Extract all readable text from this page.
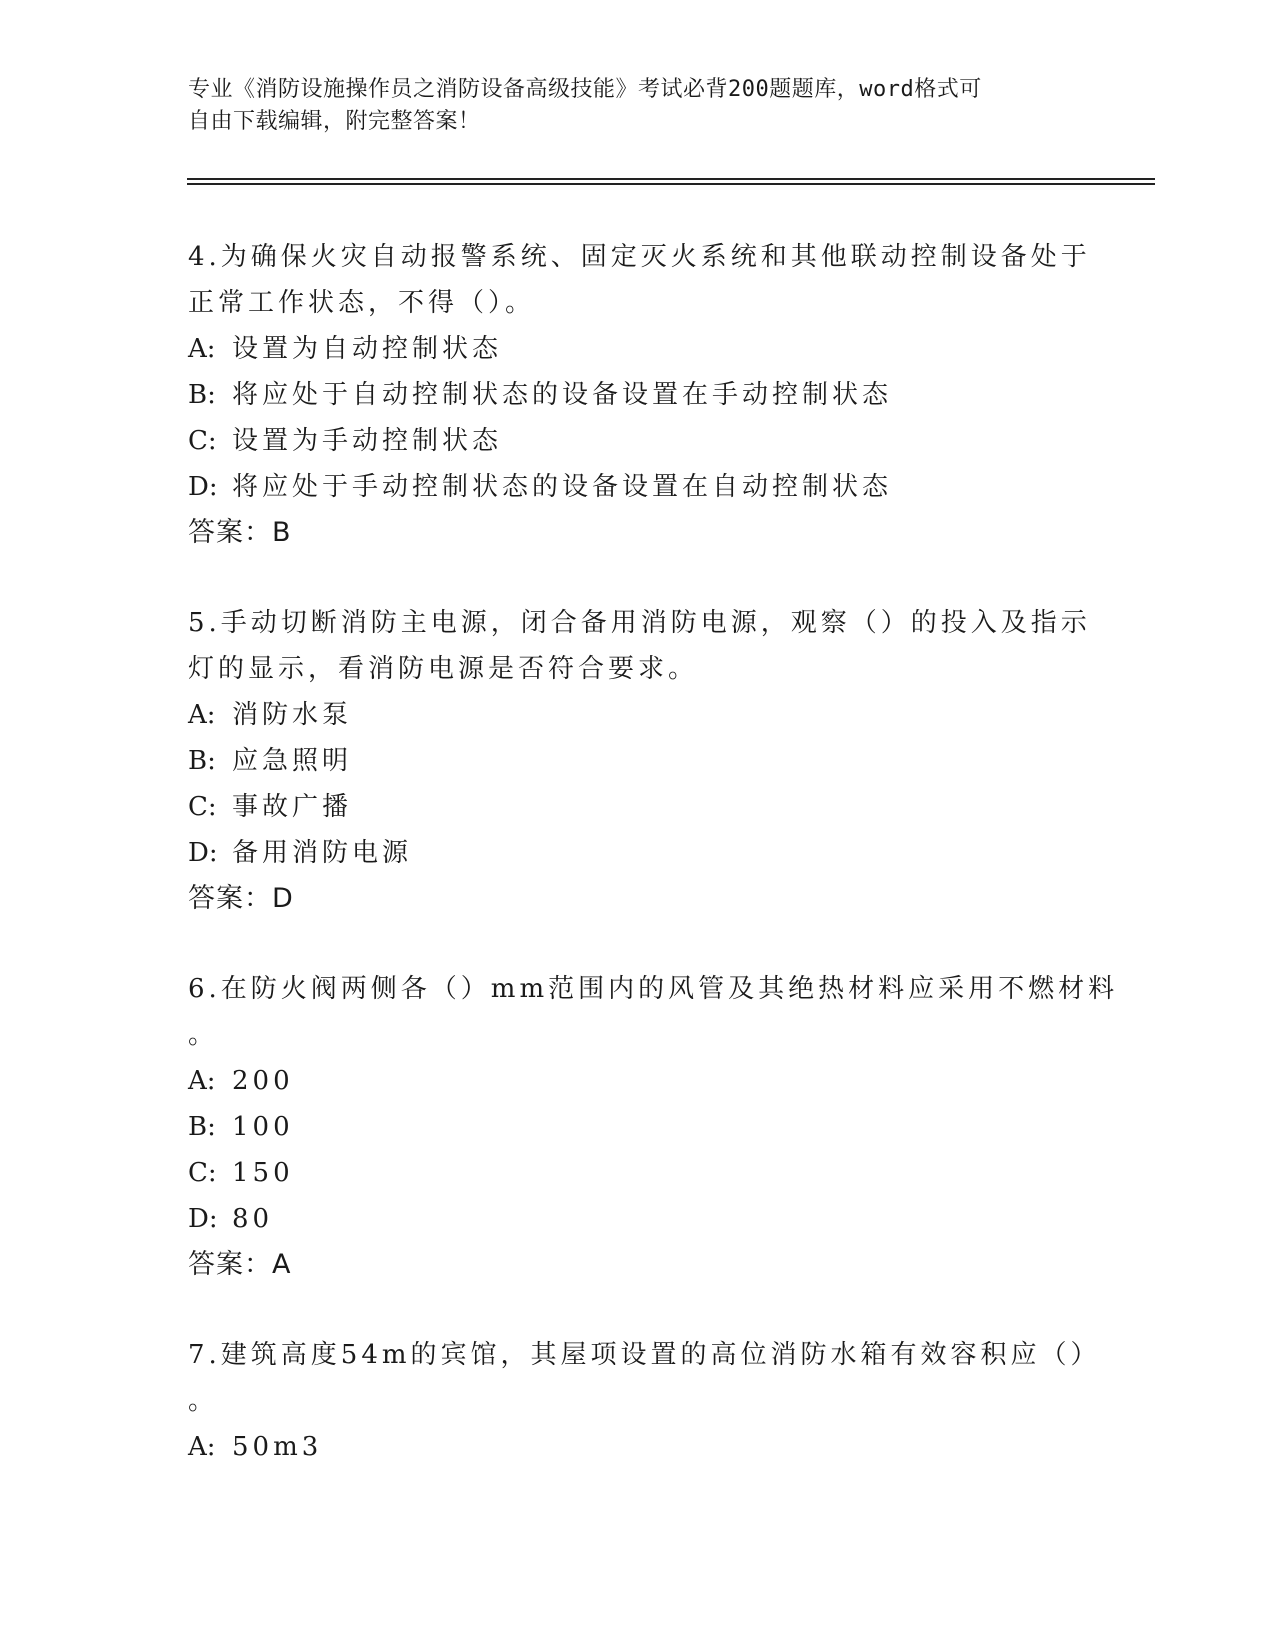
专业《消防设施操作员之消防设备高级技能》考试必背200题题库，word格式可
自由下载编辑，附完整答案！
4.为确保火灾自动报警系统、固定灭火系统和其他联动控制设备处于
正常工作状态，不得（）。
A: 设置为自动控制状态
B: 将应处于自动控制状态的设备设置在手动控制状态
C: 设置为手动控制状态
D: 将应处于手动控制状态的设备设置在自动控制状态
答案：B
5.手动切断消防主电源，闭合备用消防电源，观察（）的投入及指示
灯的显示，看消防电源是否符合要求。
A: 消防水泵
B: 应急照明
C: 事故广播
D: 备用消防电源
答案：D
6.在防火阀两侧各（）mm范围内的风管及其绝热材料应采用不燃材料
。
A: 200
B: 100
C: 150
D: 80
答案：A
7.建筑高度54m的宾馆，其屋项设置的高位消防水箱有效容积应（）
。
A: 50m3
